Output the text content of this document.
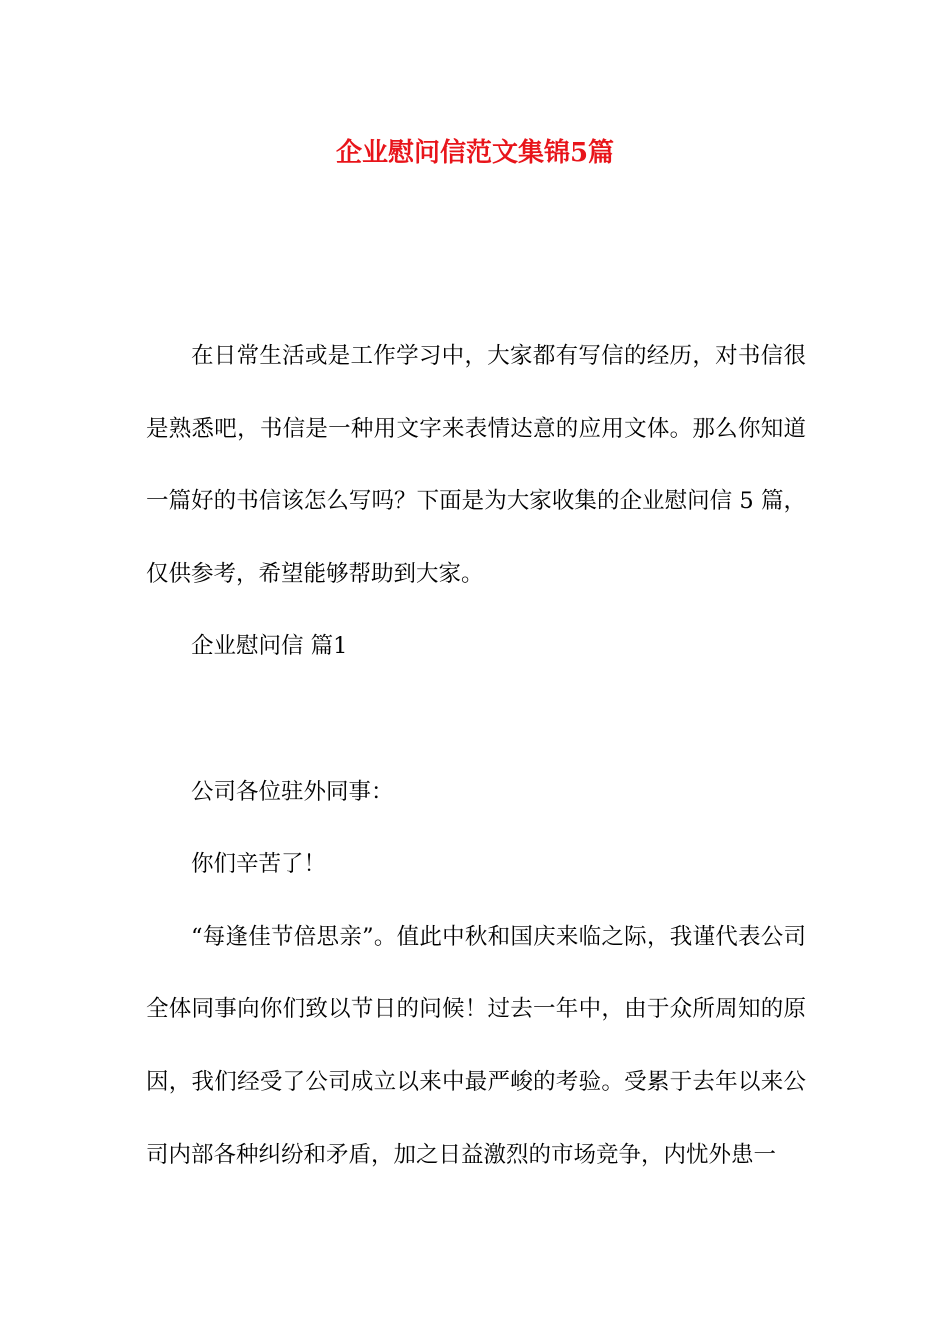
企业慰问信范文集锦5篇

在日常生活或是工作学习中，大家都有写信的经历，对书信很是熟悉吧，书信是一种用文字来表情达意的应用文体。那么你知道一篇好的书信该怎么写吗？下面是为大家收集的企业慰问信 5 篇，仅供参考，希望能够帮助到大家。

企业慰问信 篇1

公司各位驻外同事：

你们辛苦了！

“每逢佳节倍思亲”。值此中秋和国庆来临之际，我谨代表公司全体同事向你们致以节日的问候！过去一年中，由于众所周知的原因，我们经受了公司成立以来中最严峻的考验。受累于去年以来公司内部各种纠纷和矛盾，加之日益激烈的市场竞争，内忧外患一
